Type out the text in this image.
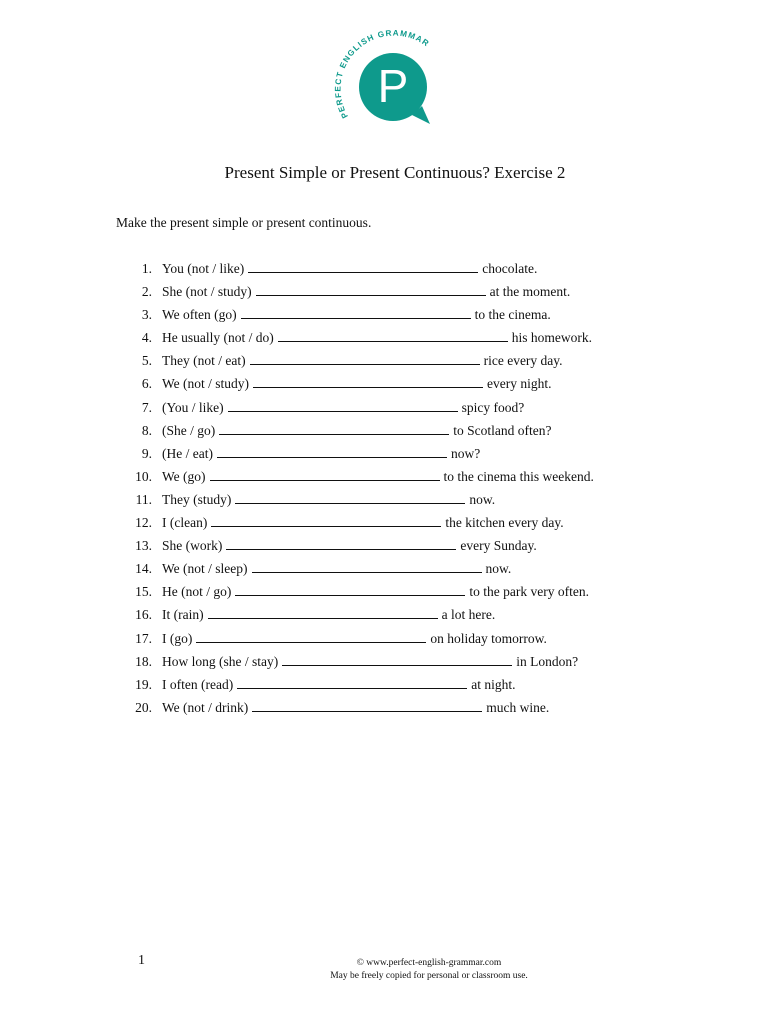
PERFECT ENGLISH GRAMMAR
P
Present Simple or Present Continuous? Exercise 2
Make the present simple or present continuous.
1. You (not / like)	chocolate.
2. She (not / study)	at the moment.
3. We often (go)	to the cinema.
4. He usually (not / do)	his homework.
5. They (not / eat)	rice every day.
6. We (not / study)	every night.
7. (You / like)	spicy food?
8. (She / go)	to Scotland often?
9. (He / eat)	now?
10. We (go)	to the cinema this weekend.
11. They (study)	now.
12. I (clean)	the kitchen every day.
13. She (work)	every Sunday.
14. We (not / sleep)	now.
15. He (not / go)	to the park very often.
16. It (rain)	a lot here.
17. I (go)	on holiday tomorrow.
18. How long (she / stay)	in London?
19. I often (read)	at night.
20. We (not / drink)	much wine.
1	© www.perfect-english-grammar.com
May be freely copied for personal or classroom use.
